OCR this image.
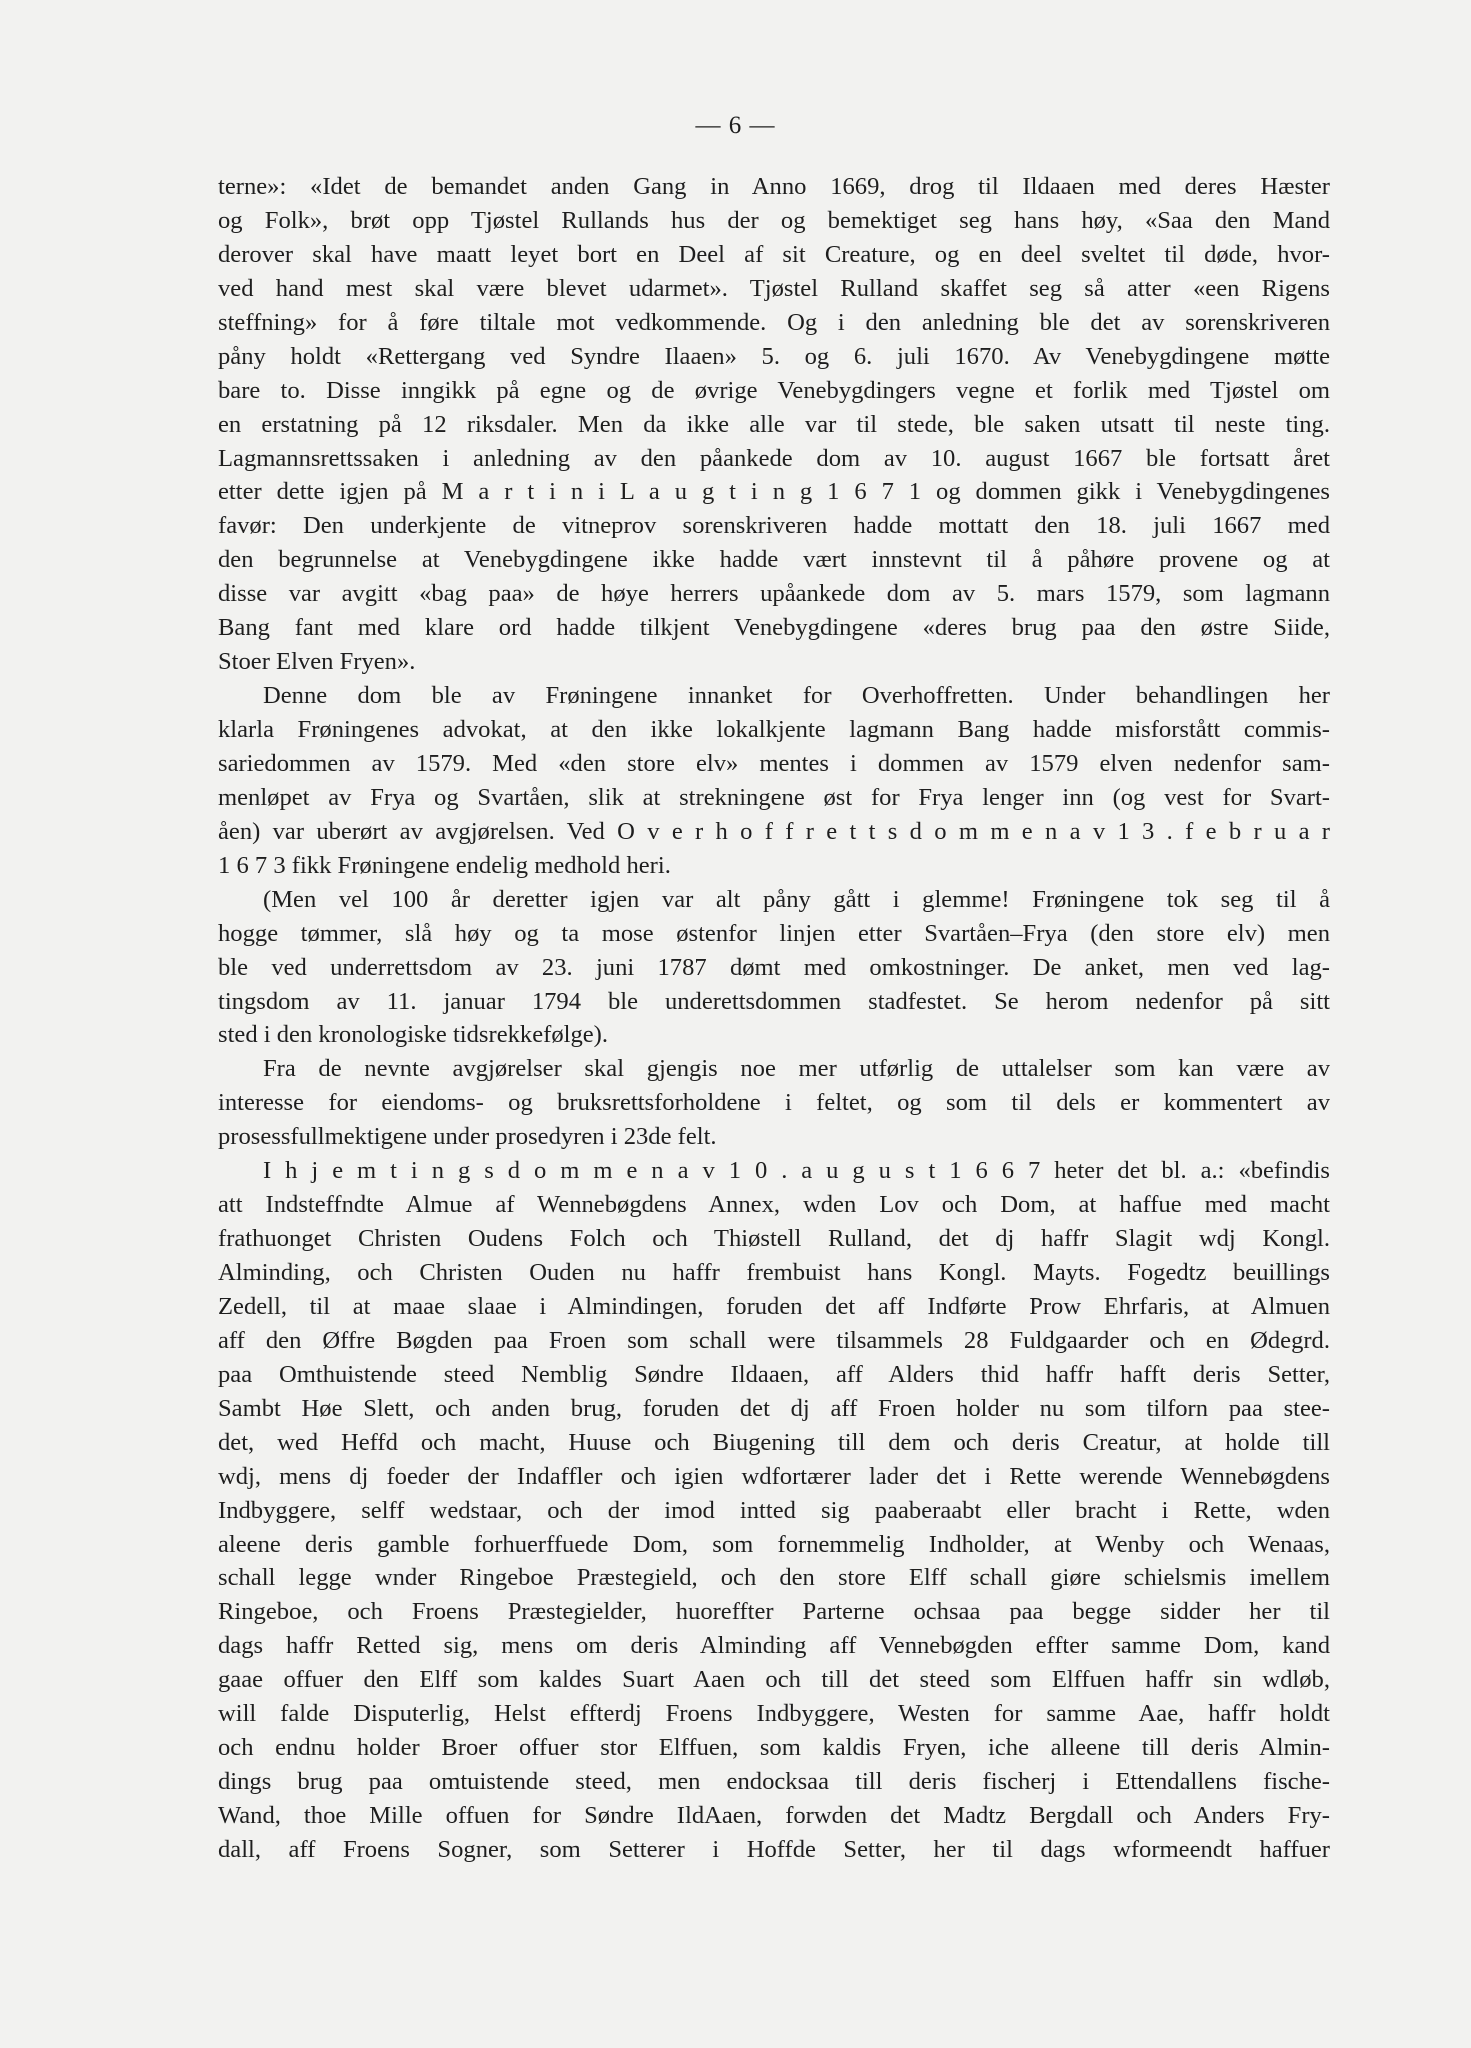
— 6 —
terne»: «Idet de bemandet anden Gang in Anno 1669, drog til Ildaaen med deres Hæster
og Folk», brøt opp Tjøstel Rullands hus der og bemektiget seg hans høy, «Saa den Mand
derover skal have maatt leyet bort en Deel af sit Creature, og en deel sveltet til døde, hvor-
ved hand mest skal være blevet udarmet». Tjøstel Rulland skaffet seg så atter «een Rigens
steffning» for å føre tiltale mot vedkommende. Og i den anledning ble det av sorenskriveren
påny holdt «Rettergang ved Syndre Ilaaen» 5. og 6. juli 1670. Av Venebygdingene møtte
bare to. Disse inngikk på egne og de øvrige Venebygdingers vegne et forlik med Tjøstel om
en erstatning på 12 riksdaler. Men da ikke alle var til stede, ble saken utsatt til neste ting.
Lagmannsrettssaken i anledning av den påankede dom av 10. august 1667 ble fortsatt året
etter dette igjen på M a r t i n i L a u g t i n g 1 6 7 1 og dommen gikk i Venebygdingenes
favør: Den underkjente de vitneprov sorenskriveren hadde mottatt den 18. juli 1667 med
den begrunnelse at Venebygdingene ikke hadde vært innstevnt til å påhøre provene og at
disse var avgitt «bag paa» de høye herrers upåankede dom av 5. mars 1579, som lagmann
Bang fant med klare ord hadde tilkjent Venebygdingene «deres brug paa den østre Siide,
Stoer Elven Fryen».
Denne dom ble av Frøningene innanket for Overhoffretten. Under behandlingen her
klarla Frøningenes advokat, at den ikke lokalkjente lagmann Bang hadde misforstått commis-
sariedommen av 1579. Med «den store elv» mentes i dommen av 1579 elven nedenfor sam-
menløpet av Frya og Svartåen, slik at strekningene øst for Frya lenger inn (og vest for Svart-
åen) var uberørt av avgjørelsen. Ved O v e r h o f f r e t t s d o m m e n a v 1 3 . f e b r u a r
1 6 7 3 fikk Frøningene endelig medhold heri.
(Men vel 100 år deretter igjen var alt påny gått i glemme! Frøningene tok seg til å
hogge tømmer, slå høy og ta mose østenfor linjen etter Svartåen–Frya (den store elv) men
ble ved underrettsdom av 23. juni 1787 dømt med omkostninger. De anket, men ved lag-
tingsdom av 11. januar 1794 ble underettsdommen stadfestet. Se herom nedenfor på sitt
sted i den kronologiske tidsrekkefølge).
Fra de nevnte avgjørelser skal gjengis noe mer utførlig de uttalelser som kan være av
interesse for eiendoms- og bruksrettsforholdene i feltet, og som til dels er kommentert av
prosessfullmektigene under prosedyren i 23de felt.
I h j e m t i n g s d o m m e n a v 1 0 . a u g u s t 1 6 6 7 heter det bl. a.: «befindis
att Indsteffndte Almue af Wennebøgdens Annex, wden Lov och Dom, at haffue med macht
frathuonget Christen Oudens Folch och Thiøstell Rulland, det dj haffr Slagit wdj Kongl.
Alminding, och Christen Ouden nu haffr frembuist hans Kongl. Mayts. Fogedtz beuillings
Zedell, til at maae slaae i Almindingen, foruden det aff Indførte Prow Ehrfaris, at Almuen
aff den Øffre Bøgden paa Froen som schall were tilsammels 28 Fuldgaarder och en Ødegrd.
paa Omthuistende steed Nemblig Søndre Ildaaen, aff Alders thid haffr hafft deris Setter,
Sambt Høe Slett, och anden brug, foruden det dj aff Froen holder nu som tilforn paa stee-
det, wed Heffd och macht, Huuse och Biugening till dem och deris Creatur, at holde till
wdj, mens dj foeder der Indaffler och igien wdfortærer lader det i Rette werende Wennebøgdens
Indbyggere, selff wedstaar, och der imod intted sig paaberaabt eller bracht i Rette, wden
aleene deris gamble forhuerffuede Dom, som fornemmelig Indholder, at Wenby och Wenaas,
schall legge wnder Ringeboe Præstegield, och den store Elff schall giøre schielsmis imellem
Ringeboe, och Froens Præstegielder, huoreffter Parterne ochsaa paa begge sidder her til
dags haffr Retted sig, mens om deris Alminding aff Vennebøgden effter samme Dom, kand
gaae offuer den Elff som kaldes Suart Aaen och till det steed som Elffuen haffr sin wdløb,
will falde Disputerlig, Helst effterdj Froens Indbyggere, Westen for samme Aae, haffr holdt
och endnu holder Broer offuer stor Elffuen, som kaldis Fryen, iche alleene till deris Almin-
dings brug paa omtuistende steed, men endocksaa till deris fischerj i Ettendallens fische-
Wand, thoe Mille offuen for Søndre IldAaen, forwden det Madtz Bergdall och Anders Fry-
dall, aff Froens Sogner, som Setterer i Hoffde Setter, her til dags wformeendt haffuer
